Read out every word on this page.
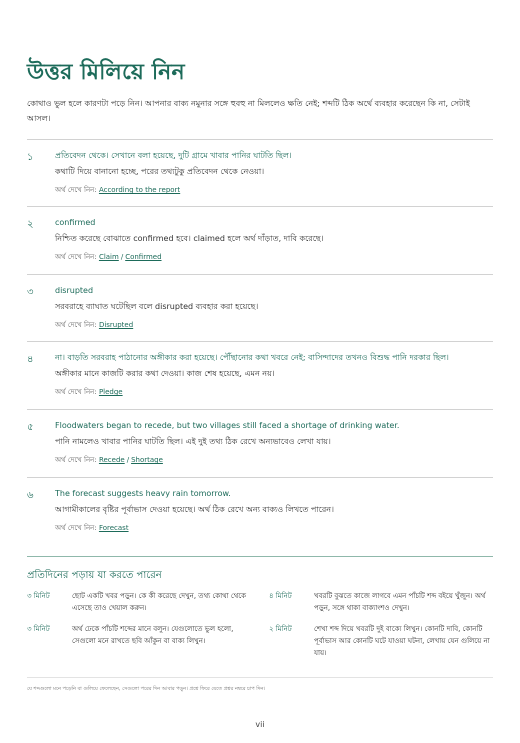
উত্তর মিলিয়ে নিন

কোথাও ভুল হলে কারণটা পড়ে নিন। আপনার বাক্য নমুনার সঙ্গে হুবহু না মিললেও ক্ষতি নেই; শব্দটি ঠিক অর্থে ব্যবহার করেছেন কি না, সেটাই আসল।

১	প্রতিবেদন থেকে। সেখানে বলা হয়েছে, দুটি গ্রামে খাবার পানির ঘাটতি ছিল।

কথাটি দিয়ে বানানো হচ্ছে, পরের তথ্যটুকু প্রতিবেদন থেকে নেওয়া।

অর্থ দেখে নিন: According to the report

২	confirmed

নিশ্চিত করেছে বোঝাতে confirmed হবে। claimed হলে অর্থ দাঁড়াত, দাবি করেছে।

অর্থ দেখে নিন: Claim / Confirmed

৩	disrupted

সরবরাহে ব্যাঘাত ঘটেছিল বলে disrupted ব্যবহার করা হয়েছে।

অর্থ দেখে নিন: Disrupted

৪	না। বাড়তি সরবরাহ পাঠানোর অঙ্গীকার করা হয়েছে। পৌঁছানোর কথা খবরে নেই; বাসিন্দাদের তখনও বিশুদ্ধ পানি দরকার ছিল।

অঙ্গীকার মানে কাজটি করার কথা দেওয়া। কাজ শেষ হয়েছে, এমন নয়।

অর্থ দেখে নিন: Pledge

৫	Floodwaters began to recede, but two villages still faced a shortage of drinking water.

পানি নামলেও খাবার পানির ঘাটতি ছিল। এই দুই তথ্য ঠিক রেখে অন্যভাবেও লেখা যায়।

অর্থ দেখে নিন: Recede / Shortage

৬	The forecast suggests heavy rain tomorrow.

আগামীকালের বৃষ্টির পূর্বাভাস দেওয়া হয়েছে। অর্থ ঠিক রেখে অন্য বাক্যও লিখতে পারেন।

অর্থ দেখে নিন: Forecast

প্রতিদিনের পড়ায় যা করতে পারেন
৩ মিনিট	ছোট একটি খবর পড়ুন। কে কী করেছে দেখুন, তথ্য কোথা থেকে এসেছে তাও খেয়াল করুন।

৪ মিনিট	খবরটি বুঝতে কাজে লাগবে এমন পাঁচটি শব্দ বইয়ে খুঁজুন। অর্থ পড়ুন, সঙ্গে থাকা বাক্যাংশও দেখুন।

৩ মিনিট	অর্থ ঢেকে পাঁচটি শব্দের মানে বলুন। যেগুলোতে ভুল হলো, সেগুলো মনে রাখতে ছবি আঁকুন বা বাক্য লিখুন।

২ মিনিট	শেখা শব্দ দিয়ে খবরটি দুই বাক্যে লিখুন। কোনটি দাবি, কোনটি পূর্বাভাস আর কোনটি ঘটে যাওয়া ঘটনা, লেখায় যেন গুলিয়ে না যায়।

যে শব্দগুলো মনে পড়েনি বা গুলিয়ে ফেলেছেন, সেগুলো পরের দিন আবার পড়ুন। প্রশ্নে ফিরে যেতে প্রশ্নর নম্বরে চাপ দিন।

vii
